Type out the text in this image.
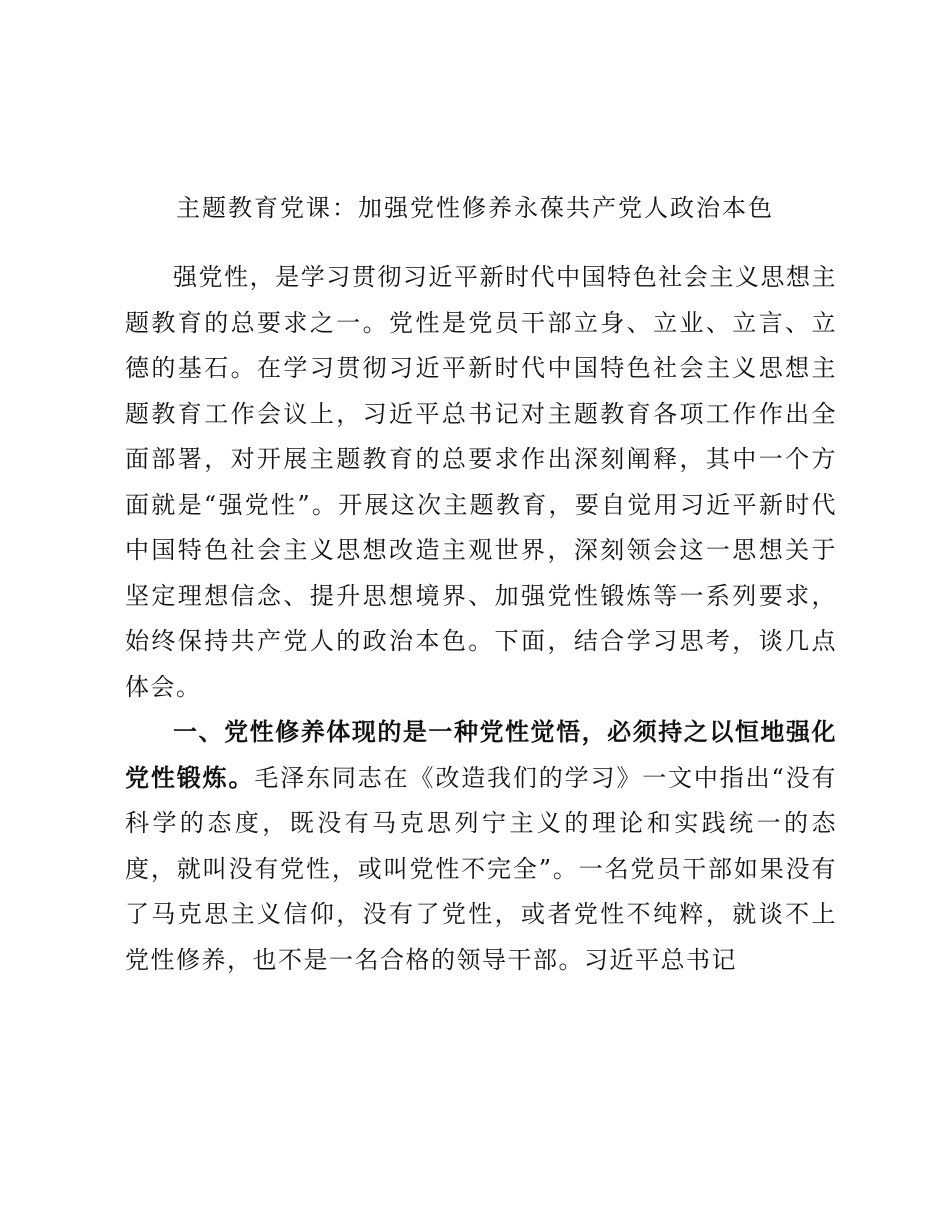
主题教育党课：加强党性修养永葆共产党人政治本色

强党性，是学习贯彻习近平新时代中国特色社会主义思想主题教育的总要求之一。党性是党员干部立身、立业、立言、立德的基石。在学习贯彻习近平新时代中国特色社会主义思想主题教育工作会议上，习近平总书记对主题教育各项工作作出全面部署，对开展主题教育的总要求作出深刻阐释，其中一个方面就是“强党性”。开展这次主题教育，要自觉用习近平新时代中国特色社会主义思想改造主观世界，深刻领会这一思想关于坚定理想信念、提升思想境界、加强党性锻炼等一系列要求，始终保持共产党人的政治本色。下面，结合学习思考，谈几点体会。

一、党性修养体现的是一种党性觉悟，必须持之以恒地强化党性锻炼。毛泽东同志在《改造我们的学习》一文中指出“没有科学的态度，既没有马克思列宁主义的理论和实践统一的态度，就叫没有党性，或叫党性不完全”。一名党员干部如果没有了马克思主义信仰，没有了党性，或者党性不纯粹，就谈不上党性修养，也不是一名合格的领导干部。习近平总书记
